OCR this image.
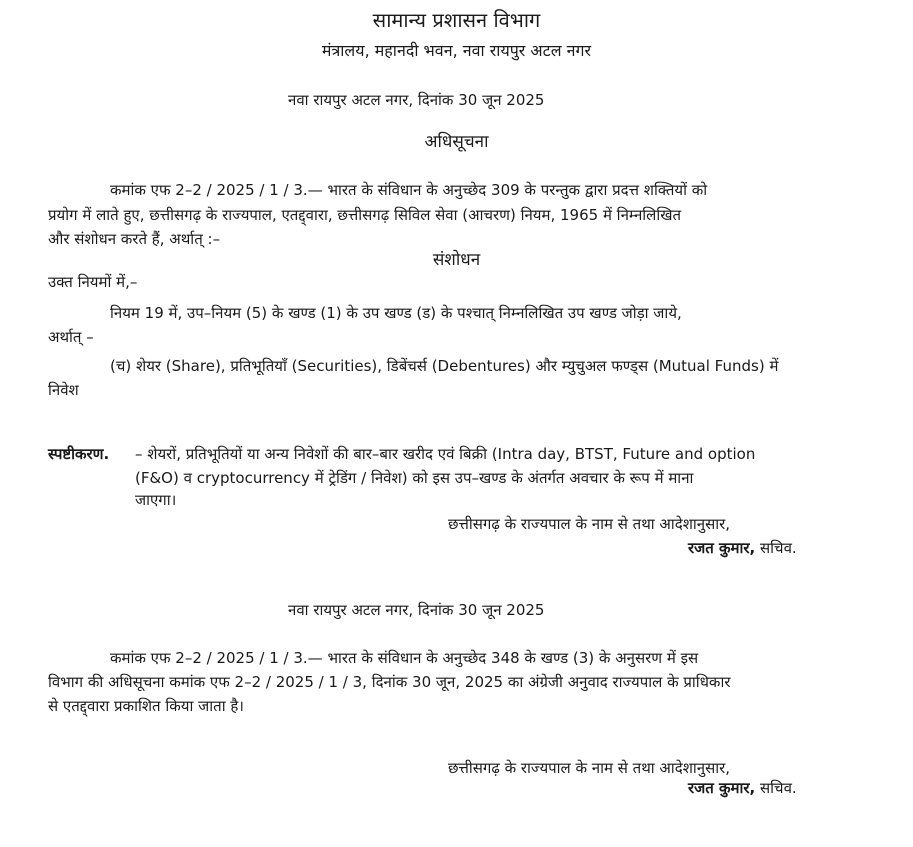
सामान्य प्रशासन विभाग
मंत्रालय, महानदी भवन, नवा रायपुर अटल नगर
नवा रायपुर अटल नगर, दिनांक 30 जून 2025
अधिसूचना
कमांक एफ 2–2 / 2025 / 1 / 3.— भारत के संविधान के अनुच्छेद 309 के परन्तुक द्वारा प्रदत्त शक्तियों को
प्रयोग में लाते हुए, छत्तीसगढ़ के राज्यपाल, एतद्द्वारा, छत्तीसगढ़ सिविल सेवा (आचरण) नियम, 1965 में निम्नलिखित
और संशोधन करते हैं, अर्थात् :–
संशोधन
उक्त नियमों में,–
नियम 19 में, उप–नियम (5) के खण्ड (1) के उप खण्ड (ड) के पश्चात् निम्नलिखित उप खण्ड जोड़ा जाये,
अर्थात् –
(च) शेयर (Share), प्रतिभूतियाँ (Securities), डिबेंचर्स (Debentures) और म्युचुअल फण्ड्स (Mutual Funds) में
निवेश
स्पष्टीकरण. – शेयरों, प्रतिभूतियों या अन्य निवेशों की बार–बार खरीद एवं बिक्री (Intra day, BTST, Future and option
(F&O) व cryptocurrency में ट्रेडिंग / निवेश) को इस उप–खण्ड के अंतर्गत अवचार के रूप में माना
जाएगा।
छत्तीसगढ़ के राज्यपाल के नाम से तथा आदेशानुसार,
रजत कुमार, सचिव.
नवा रायपुर अटल नगर, दिनांक 30 जून 2025
कमांक एफ 2–2 / 2025 / 1 / 3.— भारत के संविधान के अनुच्छेद 348 के खण्ड (3) के अनुसरण में इस
विभाग की अधिसूचना कमांक एफ 2–2 / 2025 / 1 / 3, दिनांक 30 जून, 2025 का अंग्रेजी अनुवाद राज्यपाल के प्राधिकार
से एतद्द्वारा प्रकाशित किया जाता है।
छत्तीसगढ़ के राज्यपाल के नाम से तथा आदेशानुसार,
रजत कुमार, सचिव.
